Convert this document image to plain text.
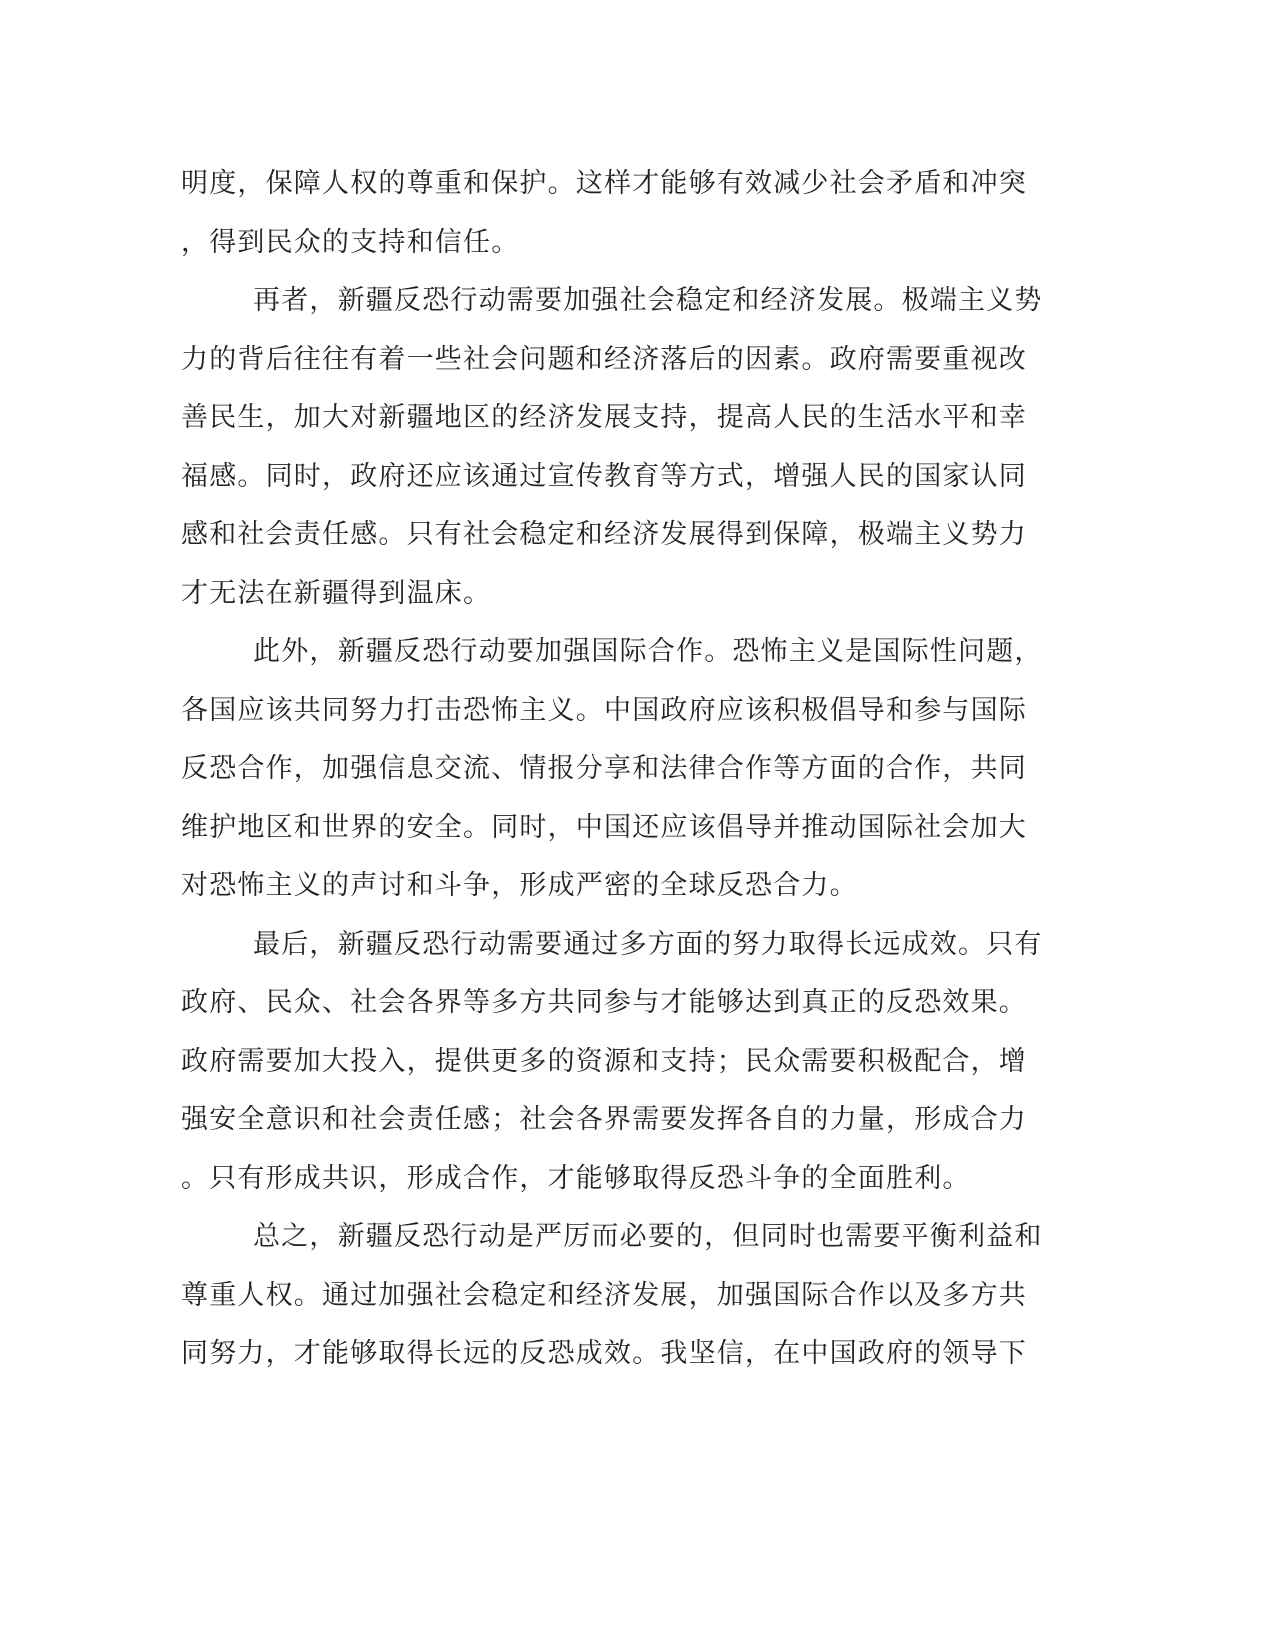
明度，保障人权的尊重和保护。这样才能够有效减少社会矛盾和冲突
，得到民众的支持和信任。
再者，新疆反恐行动需要加强社会稳定和经济发展。极端主义势
力的背后往往有着一些社会问题和经济落后的因素。政府需要重视改
善民生，加大对新疆地区的经济发展支持，提高人民的生活水平和幸
福感。同时，政府还应该通过宣传教育等方式，增强人民的国家认同
感和社会责任感。只有社会稳定和经济发展得到保障，极端主义势力
才无法在新疆得到温床。
此外，新疆反恐行动要加强国际合作。恐怖主义是国际性问题，
各国应该共同努力打击恐怖主义。中国政府应该积极倡导和参与国际
反恐合作，加强信息交流、情报分享和法律合作等方面的合作，共同
维护地区和世界的安全。同时，中国还应该倡导并推动国际社会加大
对恐怖主义的声讨和斗争，形成严密的全球反恐合力。
最后，新疆反恐行动需要通过多方面的努力取得长远成效。只有
政府、民众、社会各界等多方共同参与才能够达到真正的反恐效果。
政府需要加大投入，提供更多的资源和支持；民众需要积极配合，增
强安全意识和社会责任感；社会各界需要发挥各自的力量，形成合力
。只有形成共识，形成合作，才能够取得反恐斗争的全面胜利。
总之，新疆反恐行动是严厉而必要的，但同时也需要平衡利益和
尊重人权。通过加强社会稳定和经济发展，加强国际合作以及多方共
同努力，才能够取得长远的反恐成效。我坚信，在中国政府的领导下
